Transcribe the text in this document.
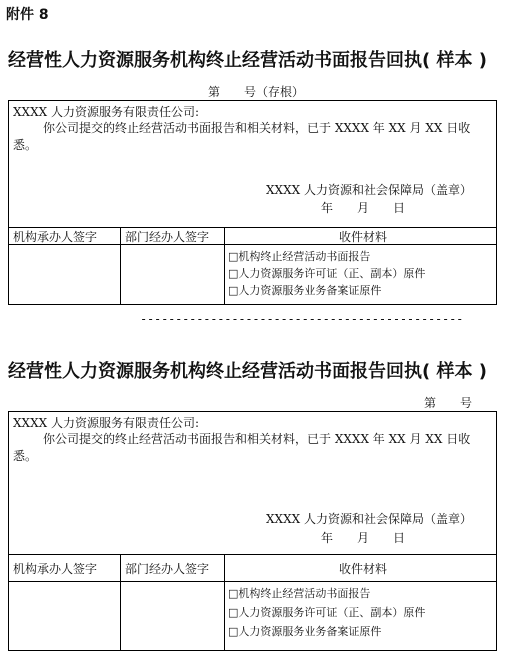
附件 8
经营性人力资源服务机构终止经营活动书面报告回执( 样本 )
第　　号（存根）
XXXX 人力资源服务有限责任公司:
你公司提交的终止经营活动书面报告和相关材料，已于 XXXX 年 XX 月 XX 日收悉。
XXXX 人力资源和社会保障局（盖章）
年　　月　　日
机构承办人签字 部门经办人签字	收件材料
□机构终止经营活动书面报告
□人力资源服务许可证（正、副本）原件
□人力资源服务业务备案证原件
----------------------------------------------
经营性人力资源服务机构终止经营活动书面报告回执( 样本 )
第　　号
XXXX 人力资源服务有限责任公司:
你公司提交的终止经营活动书面报告和相关材料，已于 XXXX 年 XX 月 XX 日收悉。
XXXX 人力资源和社会保障局（盖章）
年　　月　　日
机构承办人签字 部门经办人签字	收件材料
□机构终止经营活动书面报告
□人力资源服务许可证（正、副本）原件
□人力资源服务业务备案证原件
